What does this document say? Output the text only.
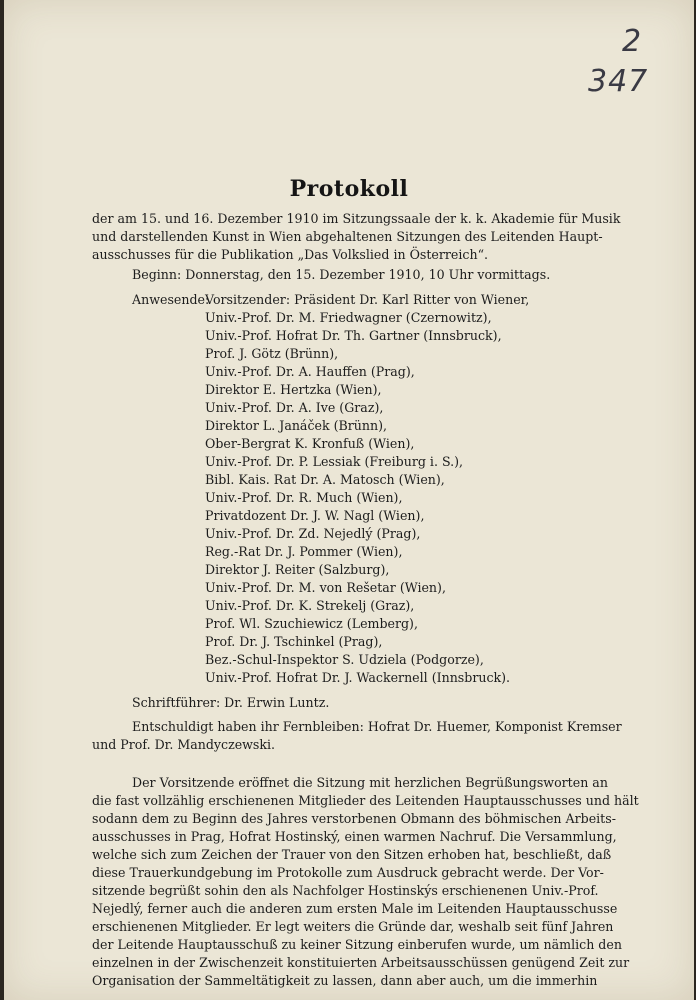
2
347
Protokoll
der am 15. und 16. Dezember 1910 im Sitzungssaale der k. k. Akademie für Musik
und darstellenden Kunst in Wien abgehaltenen Sitzungen des Leitenden Haupt-
ausschusses für die Publikation „Das Volkslied in Österreich“.
Beginn: Donnerstag, den 15. Dezember 1910, 10 Uhr vormittags.
Anwesende:
Vorsitzender: Präsident Dr. Karl Ritter von Wiener,
Univ.-Prof. Dr. M. Friedwagner (Czernowitz),
Univ.-Prof. Hofrat Dr. Th. Gartner (Innsbruck),
Prof. J. Götz (Brünn),
Univ.-Prof. Dr. A. Hauffen (Prag),
Direktor E. Hertzka (Wien),
Univ.-Prof. Dr. A. Ive (Graz),
Direktor L. Janáček (Brünn),
Ober-Bergrat K. Kronfuß (Wien),
Univ.-Prof. Dr. P. Lessiak (Freiburg i. S.),
Bibl. Kais. Rat Dr. A. Matosch (Wien),
Univ.-Prof. Dr. R. Much (Wien),
Privatdozent Dr. J. W. Nagl (Wien),
Univ.-Prof. Dr. Zd. Nejedlý (Prag),
Reg.-Rat Dr. J. Pommer (Wien),
Direktor J. Reiter (Salzburg),
Univ.-Prof. Dr. M. von Rešetar (Wien),
Univ.-Prof. Dr. K. Strekelj (Graz),
Prof. Wl. Szuchiewicz (Lemberg),
Prof. Dr. J. Tschinkel (Prag),
Bez.-Schul-Inspektor S. Udziela (Podgorze),
Univ.-Prof. Hofrat Dr. J. Wackernell (Innsbruck).
Schriftführer: Dr. Erwin Luntz.
Entschuldigt haben ihr Fernbleiben: Hofrat Dr. Huemer, Komponist Kremser
und Prof. Dr. Mandyczewski.
Der Vorsitzende eröffnet die Sitzung mit herzlichen Begrüßungsworten an
die fast vollzählig erschienenen Mitglieder des Leitenden Hauptausschusses und hält
sodann dem zu Beginn des Jahres verstorbenen Obmann des böhmischen Arbeits-
ausschusses in Prag, Hofrat Hostinský, einen warmen Nachruf. Die Versammlung,
welche sich zum Zeichen der Trauer von den Sitzen erhoben hat, beschließt, daß
diese Trauerkundgebung im Protokolle zum Ausdruck gebracht werde. Der Vor-
sitzende begrüßt sohin den als Nachfolger Hostinskýs erschienenen Univ.-Prof.
Nejedlý, ferner auch die anderen zum ersten Male im Leitenden Hauptausschusse
erschienenen Mitglieder. Er legt weiters die Gründe dar, weshalb seit fünf Jahren
der Leitende Hauptausschuß zu keiner Sitzung einberufen wurde, um nämlich den
einzelnen in der Zwischenzeit konstituierten Arbeitsausschüssen genügend Zeit zur
Organisation der Sammeltätigkeit zu lassen, dann aber auch, um die immerhin
